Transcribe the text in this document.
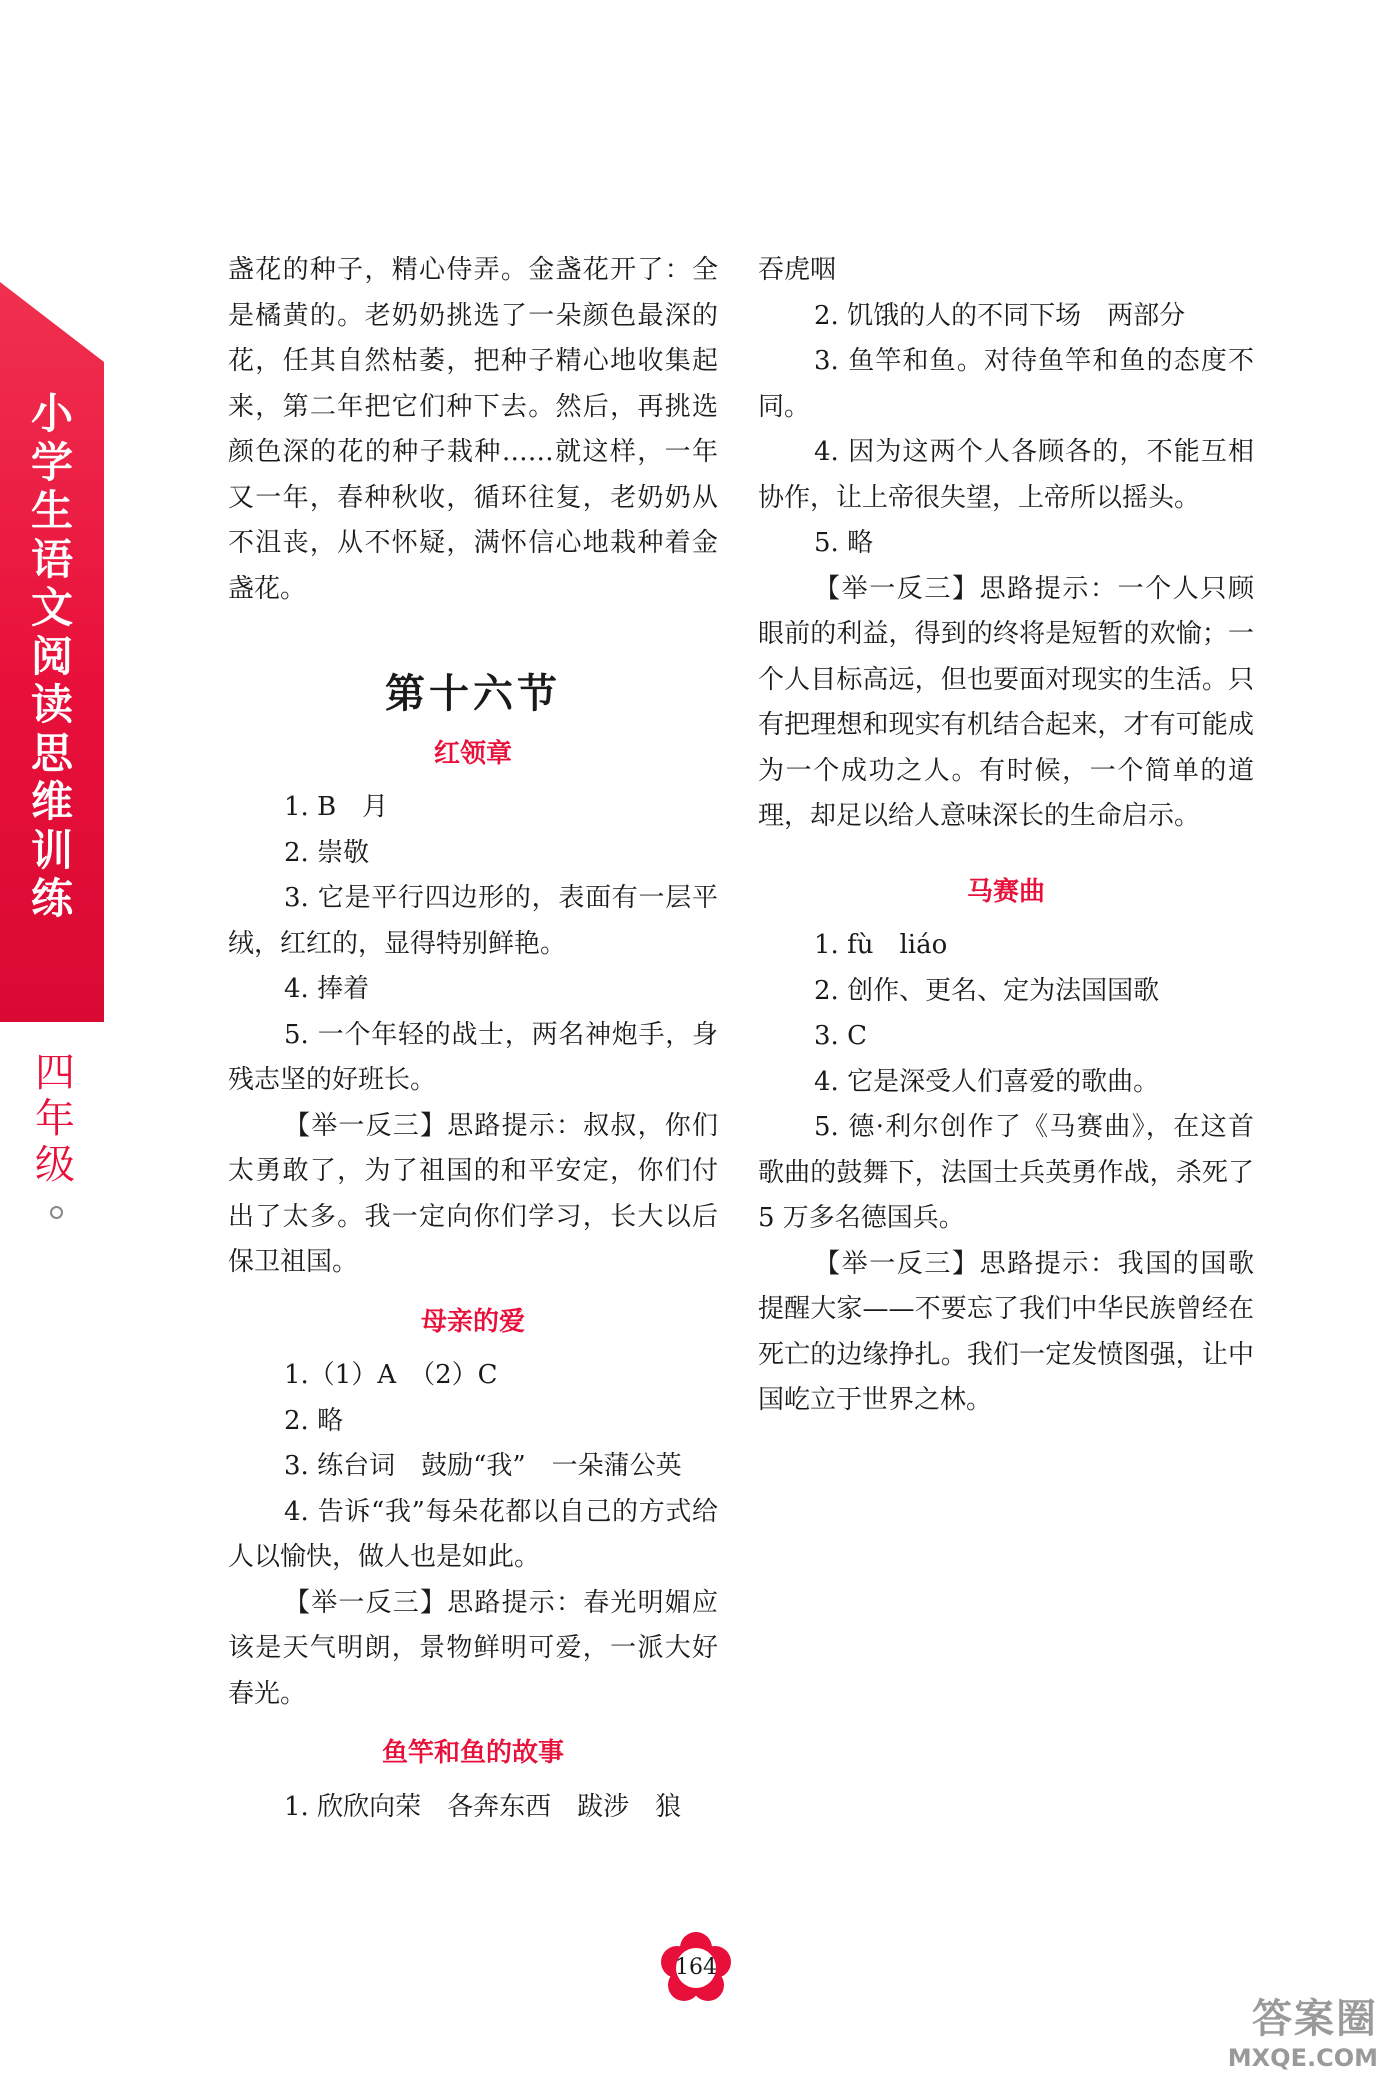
小
学
生
语
文
阅
读
思
维
训
练
四
年
级

盏花的种子，精心侍弄。金盏花开了：全是橘黄的。老奶奶挑选了一朵颜色最深的花，任其自然枯萎，把种子精心地收集起来，第二年把它们种下去。然后，再挑选颜色深的花的种子栽种……就这样，一年又一年，春种秋收，循环往复，老奶奶从不沮丧，从不怀疑，满怀信心地栽种着金盏花。

第十六节
红领章

1. B　月

2. 崇敬

3. 它是平行四边形的，表面有一层平绒，红红的，显得特别鲜艳。

4. 捧着

5. 一个年轻的战士，两名神炮手，身残志坚的好班长。

【举一反三】思路提示：叔叔，你们太勇敢了，为了祖国的和平安定，你们付出了太多。我一定向你们学习，长大以后保卫祖国。

母亲的爱

1.（1）A　（2）C

2. 略

3. 练台词　鼓励“我”　一朵蒲公英

4. 告诉“我”每朵花都以自己的方式给人以愉快，做人也是如此。

【举一反三】思路提示：春光明媚应该是天气明朗，景物鲜明可爱，一派大好春光。

鱼竿和鱼的故事

1. 欣欣向荣　各奔东西　跋涉　狼

吞虎咽

2. 饥饿的人的不同下场　两部分

3. 鱼竿和鱼。对待鱼竿和鱼的态度不同。

4. 因为这两个人各顾各的，不能互相协作，让上帝很失望，上帝所以摇头。

5. 略

【举一反三】思路提示：一个人只顾眼前的利益，得到的终将是短暂的欢愉；一个人目标高远，但也要面对现实的生活。只有把理想和现实有机结合起来，才有可能成为一个成功之人。有时候，一个简单的道理，却足以给人意味深长的生命启示。

马赛曲

1. fù　liáo

2. 创作、更名、定为法国国歌

3. C

4. 它是深受人们喜爱的歌曲。

5. 德·利尔创作了《马赛曲》，在这首歌曲的鼓舞下，法国士兵英勇作战，杀死了 5 万多名德国兵。

【举一反三】思路提示：我国的国歌提醒大家——不要忘了我们中华民族曾经在死亡的边缘挣扎。我们一定发愤图强，让中国屹立于世界之林。

164
答案圈
MXQE.COM
